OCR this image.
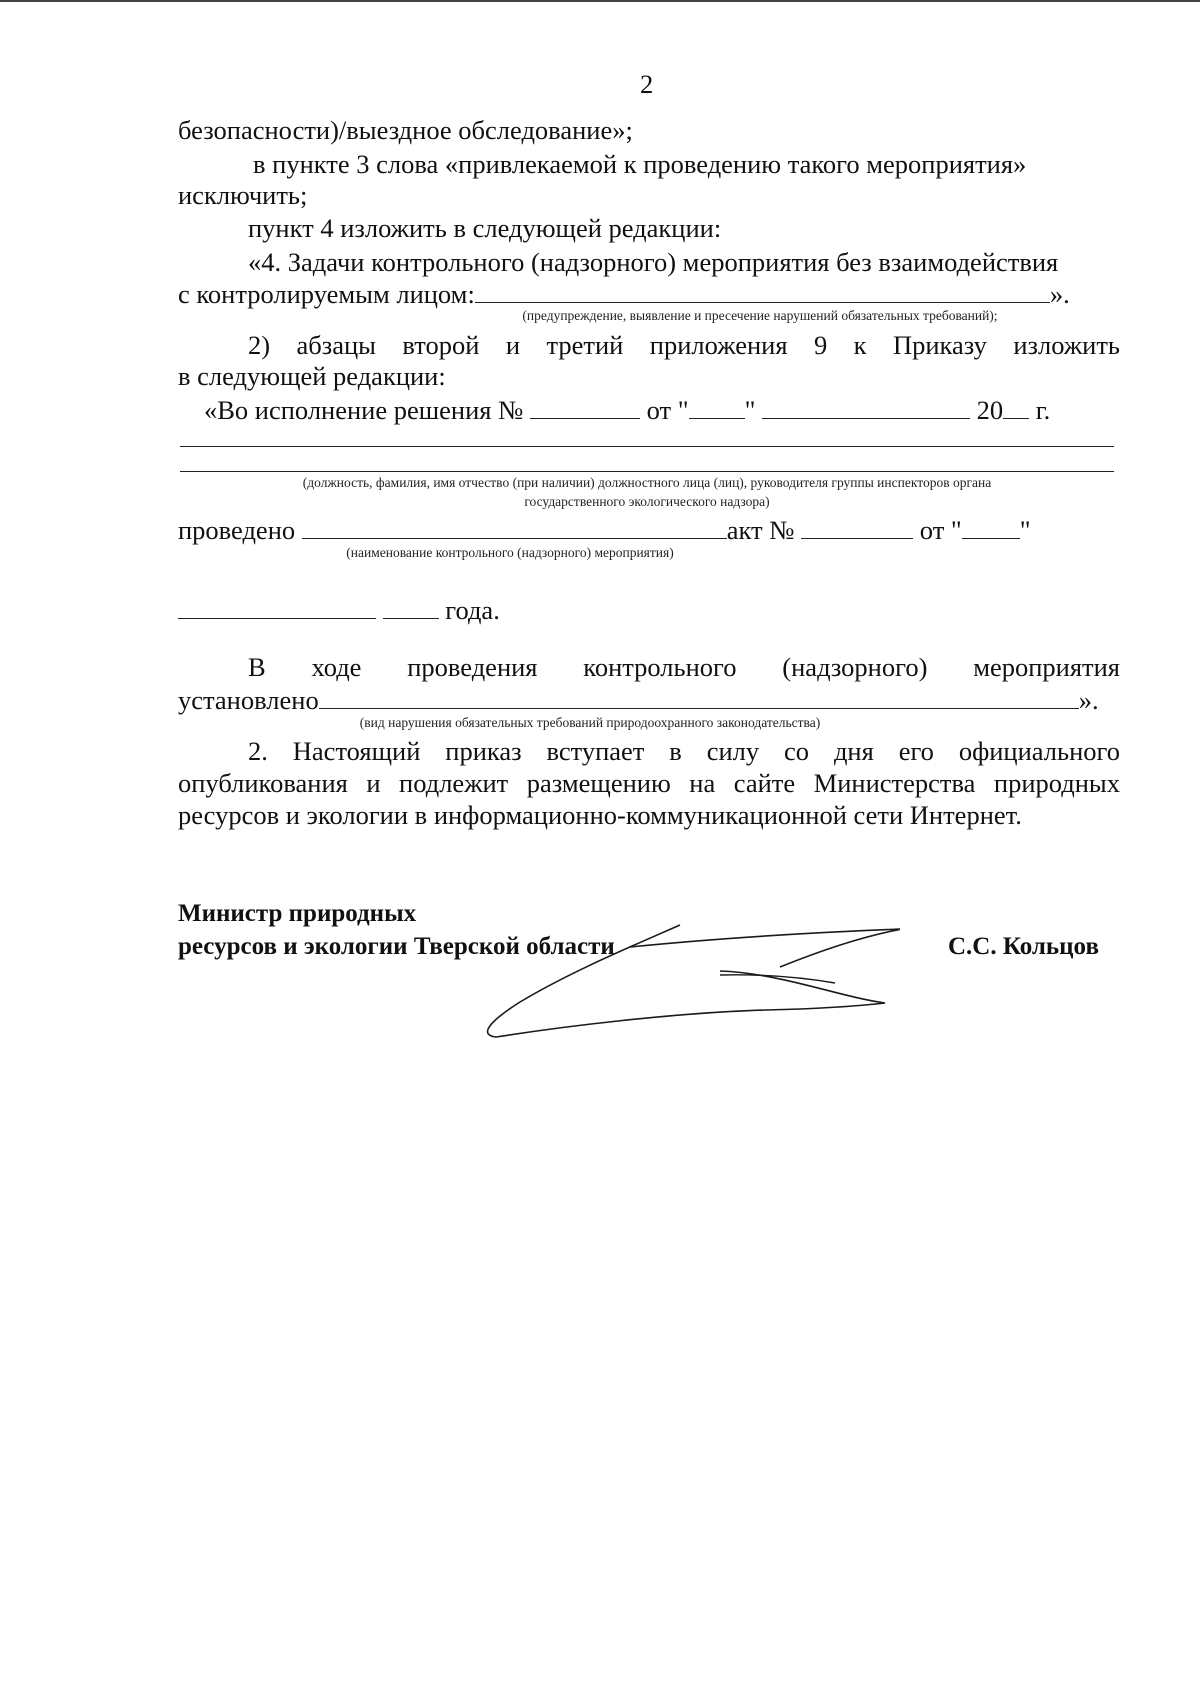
2
безопасности)/выездное обследование»;
в пункте 3 слова «привлекаемой к проведению такого мероприятия»
исключить;
пункт 4 изложить в следующей редакции:
«4. Задачи контрольного (надзорного) мероприятия без взаимодействия
с контролируемым лицом:	».
(предупреждение, выявление и пресечение нарушений обязательных требований);
2) абзацы второй и третий приложения 9 к Приказу изложить
в следующей редакции:
«Во исполнение решения №	от " "	20 г.
(должность, фамилия, имя отчество (при наличии) должностного лица (лиц), руководителя группы инспекторов органа
государственного экологического надзора)
проведено	акт №	от " "
(наименование контрольного (надзорного) мероприятия)
года.
В ходе проведения контрольного (надзорного) мероприятия
установлено	».
(вид нарушения обязательных требований природоохранного законодательства)
2. Настоящий приказ вступает в силу со дня его официального
опубликования и подлежит размещению на сайте Министерства природных
ресурсов и экологии в информационно-коммуникационной сети Интернет.
Министр природных
ресурсов и экологии Тверской области	С.С. Кольцов
